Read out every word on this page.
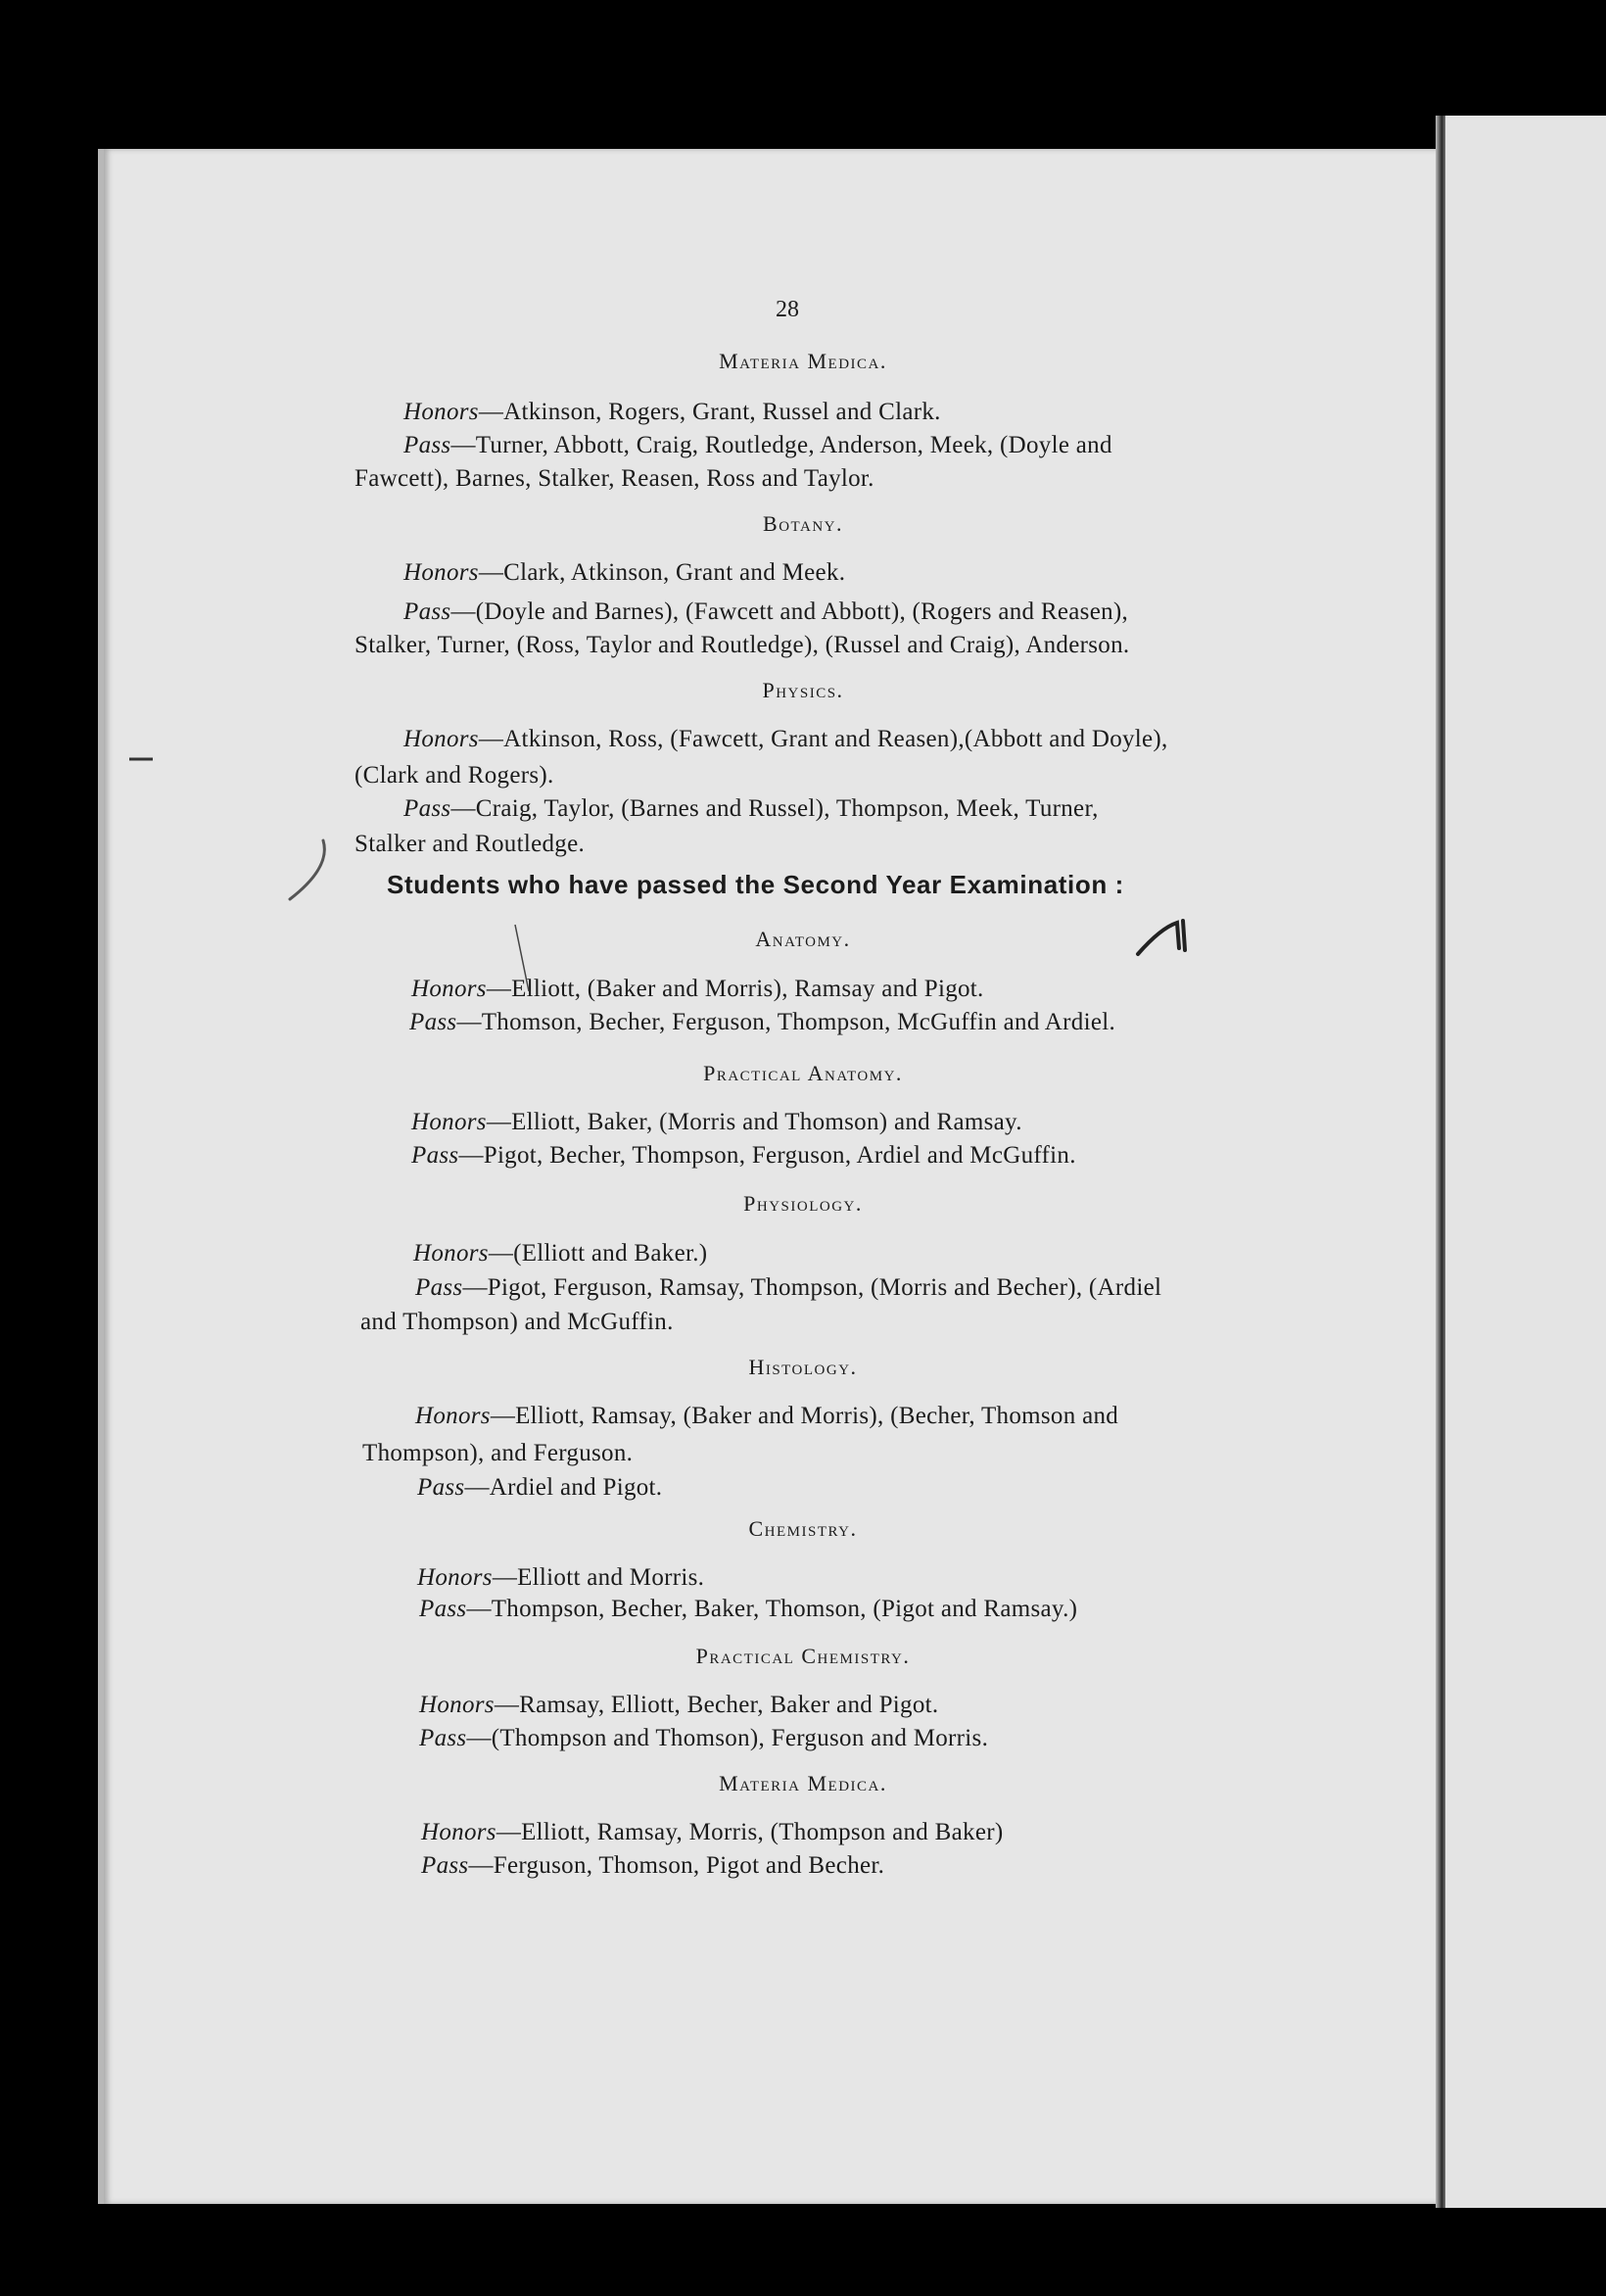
28
Materia Medica.
Honors—Atkinson, Rogers, Grant, Russel and Clark.
Pass—Turner, Abbott, Craig, Routledge, Anderson, Meek, (Doyle and
Fawcett), Barnes, Stalker, Reasen, Ross and Taylor.
Botany.
Honors—Clark, Atkinson, Grant and Meek.
Pass—(Doyle and Barnes), (Fawcett and Abbott), (Rogers and Reasen),
Stalker, Turner, (Ross, Taylor and Routledge), (Russel and Craig), Anderson.
Physics.
Honors—Atkinson, Ross, (Fawcett, Grant and Reasen),(Abbott and Doyle),
(Clark and Rogers).
Pass—Craig, Taylor, (Barnes and Russel), Thompson, Meek, Turner,
Stalker and Routledge.
Students who have passed the Second Year Examination :
Anatomy.
Honors—Elliott, (Baker and Morris), Ramsay and Pigot.
Pass—Thomson, Becher, Ferguson, Thompson, McGuffin and Ardiel.
Practical Anatomy.
Honors—Elliott, Baker, (Morris and Thomson) and Ramsay.
Pass—Pigot, Becher, Thompson, Ferguson, Ardiel and McGuffin.
Physiology.
Honors—(Elliott and Baker.)
Pass—Pigot, Ferguson, Ramsay, Thompson, (Morris and Becher), (Ardiel
and Thompson) and McGuffin.
Histology.
Honors—Elliott, Ramsay, (Baker and Morris), (Becher, Thomson and
Thompson), and Ferguson.
Pass—Ardiel and Pigot.
Chemistry.
Honors—Elliott and Morris.
Pass—Thompson, Becher, Baker, Thomson, (Pigot and Ramsay.)
Practical Chemistry.
Honors—Ramsay, Elliott, Becher, Baker and Pigot.
Pass—(Thompson and Thomson), Ferguson and Morris.
Materia Medica.
Honors—Elliott, Ramsay, Morris, (Thompson and Baker)
Pass—Ferguson, Thomson, Pigot and Becher.
